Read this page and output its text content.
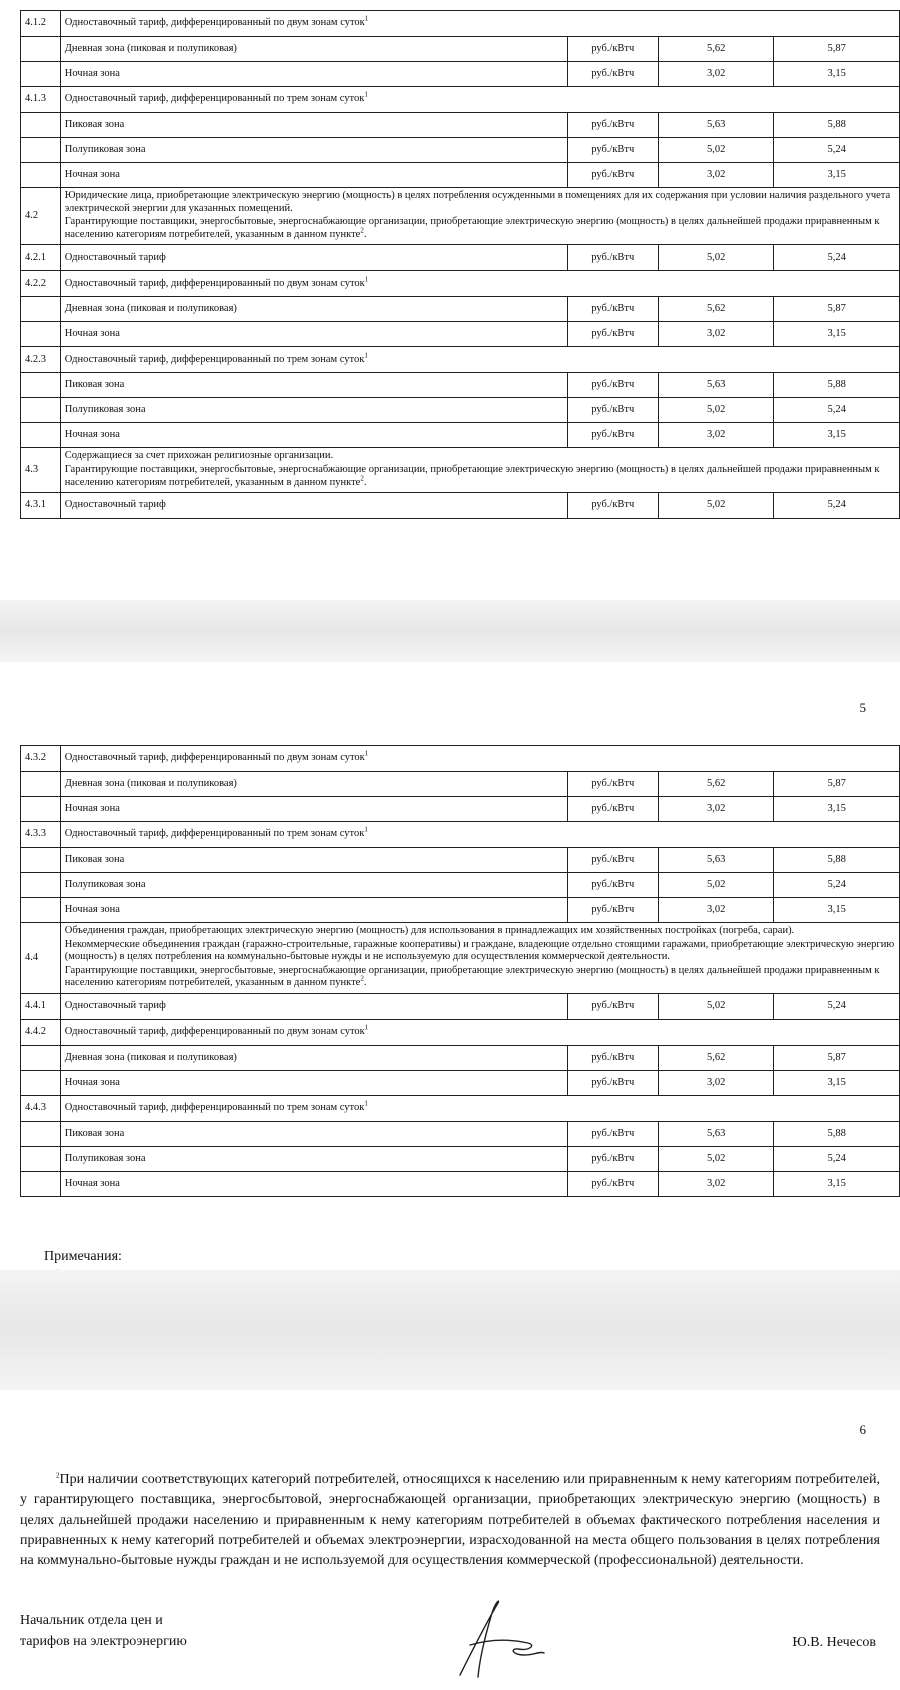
4.1.2	Одноставочный тариф, дифференцированный по двум зонам суток$^1$
	Дневная зона (пиковая и полупиковая)	руб./кВтч	5,62	5,87
	Ночная зона	руб./кВтч	3,02	3,15
4.1.3	Одноставочный тариф, дифференцированный по трем зонам суток$^1$
	Пиковая зона	руб./кВтч	5,63	5,88
	Полупиковая зона	руб./кВтч	5,02	5,24
	Ночная зона	руб./кВтч	3,02	3,15
4.2	Юридические лица, приобретающие электрическую энергию (мощность) в целях потребления осужденными в помещениях для их содержания при условии наличия раздельного учета электрической энергии для указанных помещений.

Гарантирующие поставщики, энергосбытовые, энергоснабжающие организации, приобретающие электрическую энергию (мощность) в целях дальнейшей продажи приравненным к населению категориям потребителей, указанным в данном пункте$^2$.			

4.2.1	Одноставочный тариф	руб./кВтч	5,02	5,24
4.2.2	Одноставочный тариф, дифференцированный по двум зонам суток$^1$
	Дневная зона (пиковая и полупиковая)	руб./кВтч	5,62	5,87
	Ночная зона	руб./кВтч	3,02	3,15
4.2.3	Одноставочный тариф, дифференцированный по трем зонам суток$^1$
	Пиковая зона	руб./кВтч	5,63	5,88
	Полупиковая зона	руб./кВтч	5,02	5,24
	Ночная зона	руб./кВтч	3,02	3,15
4.3	Содержащиеся за счет прихожан религиозные организации.

Гарантирующие поставщики, энергосбытовые, энергоснабжающие организации, приобретающие электрическую энергию (мощность) в целях дальнейшей продажи приравненным к населению категориям потребителей, указанным в данном пункте$^2$.			

4.3.1	Одноставочный тариф	руб./кВтч	5,02	5,24
5
4.3.2	Одноставочный тариф, дифференцированный по двум зонам суток$^1$
	Дневная зона (пиковая и полупиковая)	руб./кВтч	5,62	5,87
	Ночная зона	руб./кВтч	3,02	3,15
4.3.3	Одноставочный тариф, дифференцированный по трем зонам суток$^1$
	Пиковая зона	руб./кВтч	5,63	5,88
	Полупиковая зона	руб./кВтч	5,02	5,24
	Ночная зона	руб./кВтч	3,02	3,15
4.4	Объединения граждан, приобретающих электрическую энергию (мощность) для использования в принадлежащих им хозяйственных постройках (погреба, сараи).

Некоммерческие объединения граждан (гаражно-строительные, гаражные кооперативы) и граждане, владеющие отдельно стоящими гаражами, приобретающие электрическую энергию (мощность) в целях потребления на коммунально-бытовые нужды и не используемую для осуществления коммерческой деятельности.

Гарантирующие поставщики, энергосбытовые, энергоснабжающие организации, приобретающие электрическую энергию (мощность) в целях дальнейшей продажи приравненным к населению категориям потребителей, указанным в данном пункте$^2$.			

4.4.1	Одноставочный тариф	руб./кВтч	5,02	5,24
4.4.2	Одноставочный тариф, дифференцированный по двум зонам суток$^1$
	Дневная зона (пиковая и полупиковая)	руб./кВтч	5,62	5,87
	Ночная зона	руб./кВтч	3,02	3,15
4.4.3	Одноставочный тариф, дифференцированный по трем зонам суток$^1$
	Пиковая зона	руб./кВтч	5,63	5,88
	Полупиковая зона	руб./кВтч	5,02	5,24
	Ночная зона	руб./кВтч	3,02	3,15

Примечания:

6

$^2$При наличии соответствующих категорий потребителей, относящихся к населению или приравненным к нему категориям потребителей, у гарантирующего поставщика, энергосбытовой, энергоснабжающей организации, приобретающих электрическую энергию (мощность) в целях дальнейшей продажи населению и приравненным к нему категориям потребителей в объемах фактического потребления населения и приравненных к нему категорий потребителей и объемах электроэнергии, израсходованной на места общего пользования в целях потребления на коммунально-бытовые нужды граждан и не используемой для осуществления коммерческой (профессиональной) деятельности.

Начальник отдела цен и
тарифов на электроэнергию	Ю.В. Нечесов
